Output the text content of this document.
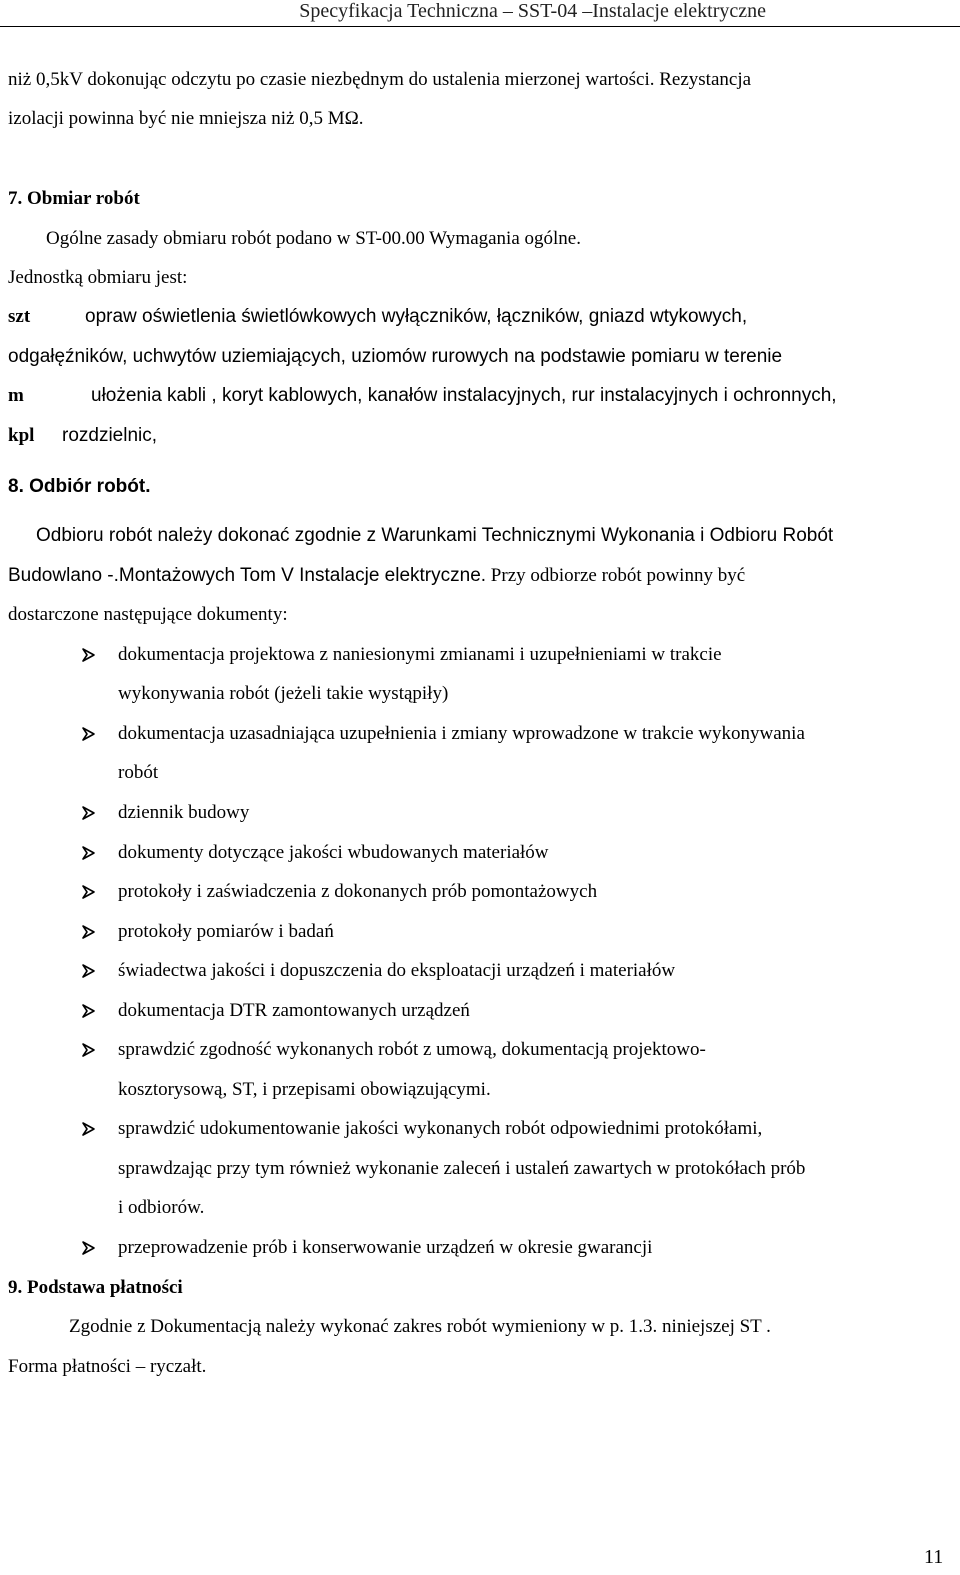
Specyfikacja Techniczna – SST-04 –Instalacje elektryczne
niż 0,5kV dokonując odczytu po czasie niezbędnym do ustalenia mierzonej wartości. Rezystancja
izolacji powinna być nie mniejsza niż 0,5 MΩ.
7. Obmiar robót
Ogólne zasady obmiaru robót podano w ST-00.00 Wymagania ogólne.
Jednostką obmiaru jest:
szt	opraw oświetlenia świetlówkowych wyłączników, łączników, gniazd wtykowych,
odgałęźników, uchwytów uziemiających, uziomów rurowych na podstawie pomiaru w terenie
m	ułożenia kabli , koryt kablowych, kanałów instalacyjnych, rur instalacyjnych i ochronnych,
kpl rozdzielnic,
8. Odbiór robót.
Odbioru robót należy dokonać zgodnie z Warunkami Technicznymi Wykonania i Odbioru Robót
Budowlano -.Montażowych Tom V Instalacje elektryczne. Przy odbiorze robót powinny być
dostarczone następujące dokumenty:
dokumentacja projektowa z naniesionymi zmianami i uzupełnieniami w trakcie
wykonywania robót (jeżeli takie wystąpiły)
dokumentacja uzasadniająca uzupełnienia i zmiany wprowadzone w trakcie wykonywania
robót
dziennik budowy
dokumenty dotyczące jakości wbudowanych materiałów
protokoły i zaświadczenia z dokonanych prób pomontażowych
protokoły pomiarów i badań
świadectwa jakości i dopuszczenia do eksploatacji urządzeń i materiałów
dokumentacja DTR zamontowanych urządzeń
sprawdzić zgodność wykonanych robót z umową, dokumentacją projektowo-
kosztorysową, ST, i przepisami obowiązującymi.
sprawdzić udokumentowanie jakości wykonanych robót odpowiednimi protokółami,
sprawdzając przy tym również wykonanie zaleceń i ustaleń zawartych w protokółach prób
i odbiorów.
przeprowadzenie prób i konserwowanie urządzeń w okresie gwarancji
9. Podstawa płatności
Zgodnie z Dokumentacją należy wykonać zakres robót wymieniony w p. 1.3. niniejszej ST .
Forma płatności – ryczałt.
11
